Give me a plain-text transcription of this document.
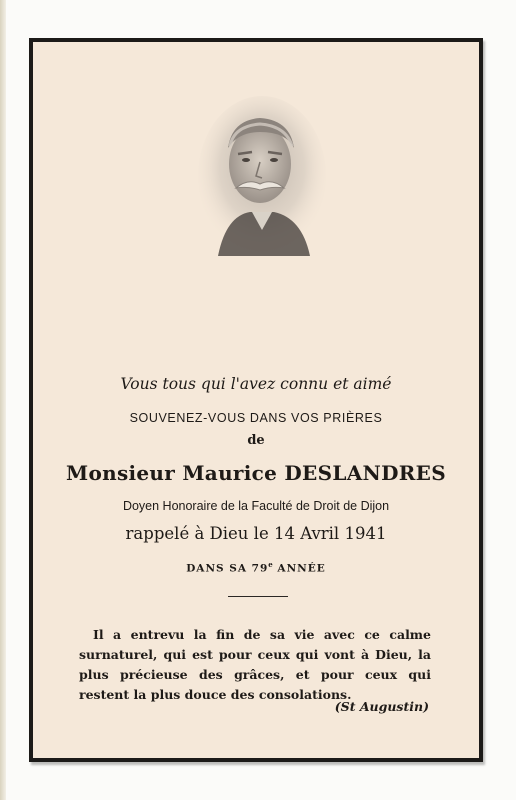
Vous tous qui l'avez connu et aimé
SOUVENEZ-VOUS DANS VOS PRIÈRES
de
Monsieur Maurice DESLANDRES
Doyen Honoraire de la Faculté de Droit de Dijon
rappelé à Dieu le 14 Avril 1941
DANS SA 79e ANNÉE
Il a entrevu la fin de sa vie avec ce calme surnaturel, qui est pour ceux qui vont à Dieu, la plus précieuse des grâces, et pour ceux qui restent la plus douce des consolations.
(St Augustin)
